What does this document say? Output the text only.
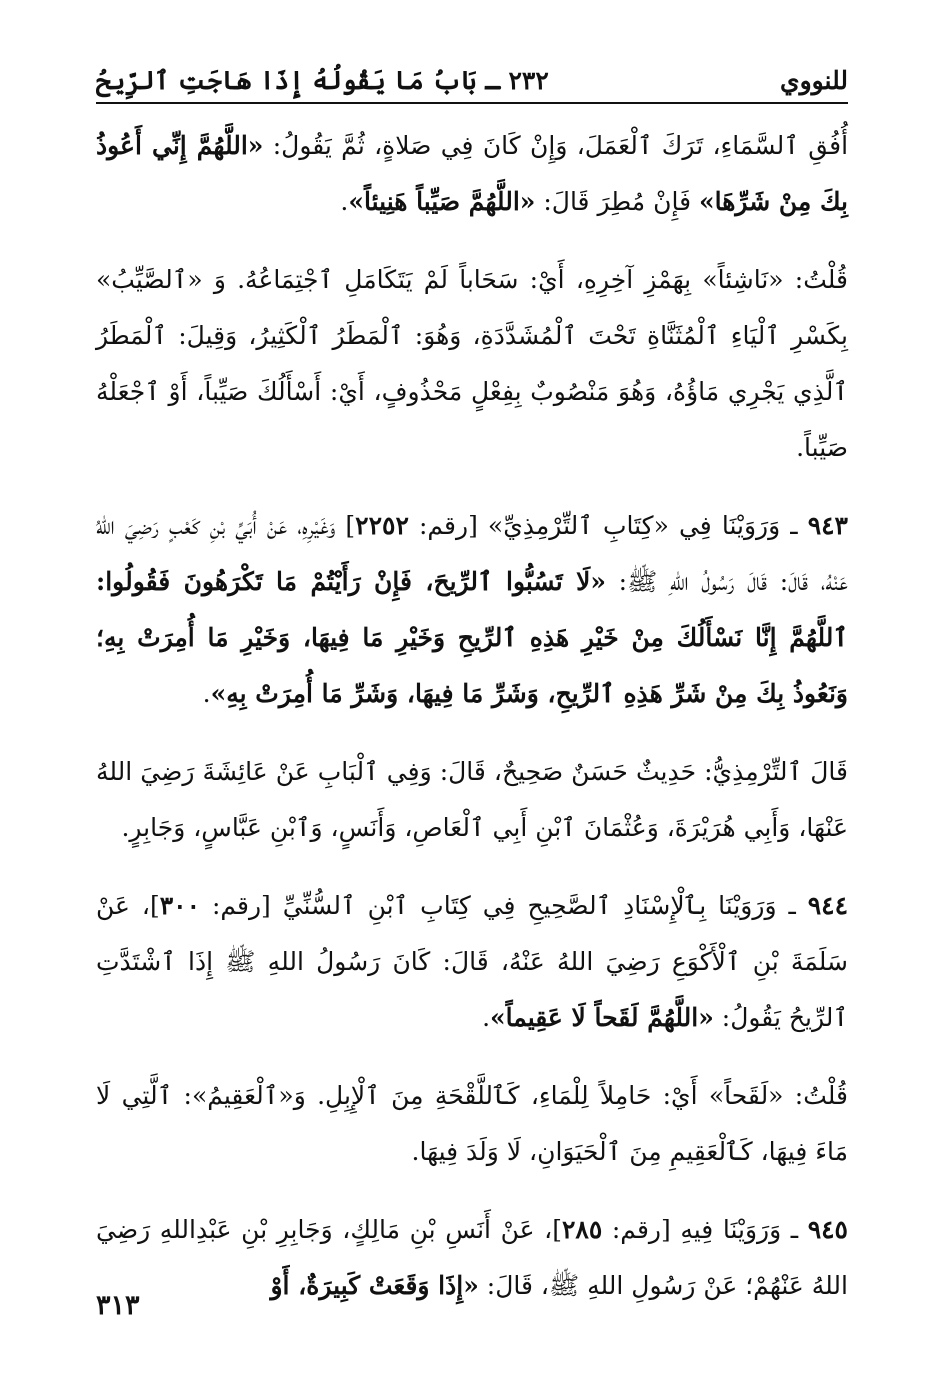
للنووي
٢٣٢ ـ بَابُ مَا يَقُولُهُ إِذَا هَاجَتِ ٱلرِّيحُ

أُفُقِ ٱلسَّمَاءِ، تَرَكَ ٱلْعَمَلَ، وَإِنْ كَانَ فِي صَلاةٍ، ثُمَّ يَقُولُ: «اللَّهُمَّ إِنِّي أَعُوذُ بِكَ مِنْ شَرِّهَا» فَإِنْ مُطِرَ قَالَ: «اللَّهُمَّ صَيِّباً هَنِيئاً».

قُلْتُ: «نَاشِئاً» بِهَمْزِ آخِرِهِ، أَيْ: سَحَاباً لَمْ يَتَكَامَلِ ٱجْتِمَاعُهُ. وَ «ٱلصَّيِّبُ» بِكَسْرِ ٱلْيَاءِ ٱلْمُثَنَّاةِ تَحْتَ ٱلْمُشَدَّدَةِ، وَهُوَ: ٱلْمَطَرُ ٱلْكَثِيرُ، وَقِيلَ: ٱلْمَطَرُ ٱلَّذِي يَجْرِي مَاؤُهُ، وَهُوَ مَنْصُوبٌ بِفِعْلٍ مَحْذُوفٍ، أَيْ: أَسْأَلُكَ صَيِّباً، أَوْ ٱجْعَلْهُ صَيِّباً.

٩٤٣ ـ وَرَوَيْنَا فِي «كِتَابِ ٱلتِّرْمِذِيِّ» [رقم: ٢٢٥٢] وَغَيْرِهِ، عَنْ أُبَيِّ بْنِ كَعْبٍ رَضِيَ اللهُ عَنْهُ، قَالَ: قَالَ رَسُولُ اللهِ ﷺ: «لَا تَسُبُّوا ٱلرِّيحَ، فَإِنْ رَأَيْتُمْ مَا تَكْرَهُونَ فَقُولُوا: ٱللَّهُمَّ إِنَّا نَسْأَلُكَ مِنْ خَيْرِ هَذِهِ ٱلرِّيحِ وَخَيْرِ مَا فِيهَا، وَخَيْرِ مَا أُمِرَتْ بِهِ؛ وَنَعُوذُ بِكَ مِنْ شَرِّ هَذِهِ ٱلرِّيحِ، وَشَرِّ مَا فِيهَا، وَشَرِّ مَا أُمِرَتْ بِهِ».

قَالَ ٱلتِّرْمِذِيُّ: حَدِيثٌ حَسَنٌ صَحِيحٌ، قَالَ: وَفِي ٱلْبَابِ عَنْ عَائِشَةَ رَضِيَ اللهُ عَنْهَا، وَأَبِي هُرَيْرَةَ، وَعُثْمَانَ ٱبْنِ أَبِي ٱلْعَاصِ، وَأَنَسٍ، وَٱبْنِ عَبَّاسٍ، وَجَابِرٍ.

٩٤٤ ـ وَرَوَيْنَا بِٱلْإِسْنَادِ ٱلصَّحِيحِ فِي كِتَابِ ٱبْنِ ٱلسُّنِّيِّ [رقم: ٣٠٠]، عَنْ سَلَمَةَ بْنِ ٱلْأَكْوَعِ رَضِيَ اللهُ عَنْهُ، قَالَ: كَانَ رَسُولُ اللهِ ﷺ إِذَا ٱشْتَدَّتِ ٱلرِّيحُ يَقُولُ: «اللَّهُمَّ لَقَحاً لَا عَقِيماً».

قُلْتُ: «لَقَحاً» أَيْ: حَامِلاً لِلْمَاءِ، كَٱللَّقْحَةِ مِنَ ٱلْإِبِلِ. وَ«ٱلْعَقِيمُ»: ٱلَّتِي لَا مَاءَ فِيهَا، كَٱلْعَقِيمِ مِنَ ٱلْحَيَوَانِ، لَا وَلَدَ فِيهَا.

٩٤٥ ـ وَرَوَيْنَا فِيهِ [رقم: ٢٨٥]، عَنْ أَنَسِ بْنِ مَالِكٍ، وَجَابِرِ بْنِ عَبْدِاللهِ رَضِيَ اللهُ عَنْهُمْ؛ عَنْ رَسُولِ اللهِ ﷺ، قَالَ: «إِذَا وَقَعَتْ كَبِيرَةٌ، أَوْ

٣١٣
